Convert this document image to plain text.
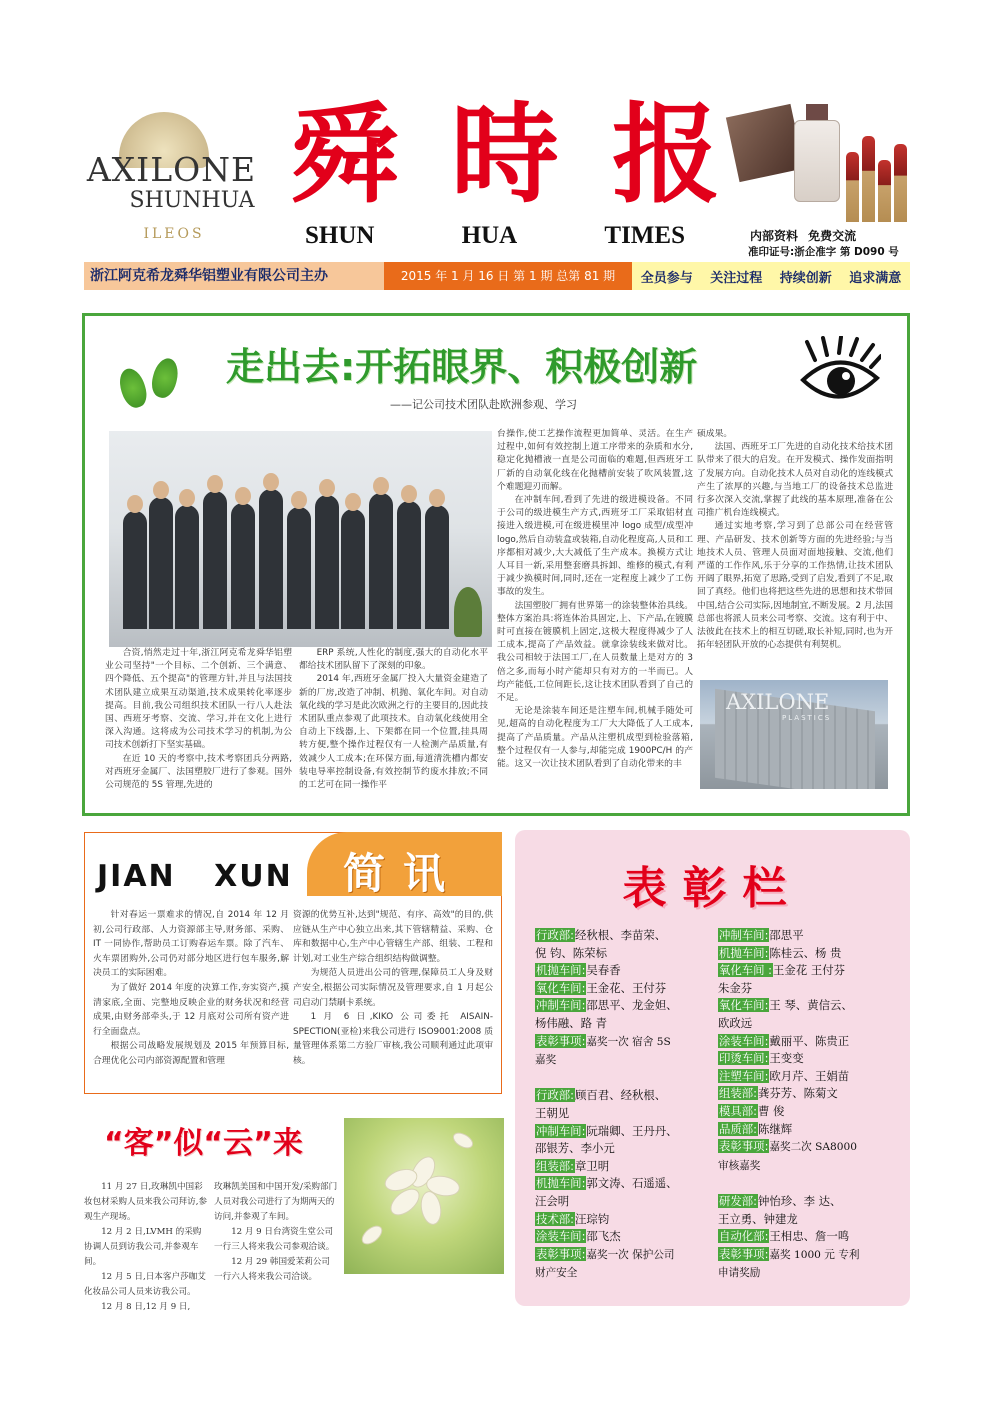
AXILONE
SHUNHUA
ILEOS
舜 時 报
SHUN	HUA	TIMES	内部资料 免费交流
准印证号:浙企准字 第 D090 号
浙江阿克希龙舜华铝塑业有限公司主办	2015 年 1 月 16 日 第 1 期 总第 81 期	全员参与 关注过程 持续创新 追求满意
走出去:开拓眼界、积极创新
——记公司技术团队赴欧洲参观、学习

合资,悄然走过十年,浙江阿克希龙舜华铝塑业公司坚持"一个目标、二个创新、三个满意、四个降低、五个提高"的管理方针,并且与法国技术团队建立成果互动渠道,技术成果转化率逐步提高。目前,我公司组织技术团队一行八人赴法国、西班牙考察、交流、学习,并在文化上进行深入沟通。这将成为公司技术学习的机制,为公司技术创新打下坚实基础。

在近 10 天的考察中,技术考察团兵分两路,对西班牙金属厂、法国塑胶厂进行了参观。国外公司规范的 5S 管理,先进的

ERP 系统,人性化的制度,强大的自动化水平都给技术团队留下了深刻的印象。

2014 年,西班牙金属厂投入大量资金建造了新的厂房,改造了冲制、机抛、氧化车间。对自动氧化线的学习是此次欧洲之行的主要目的,因此技术团队重点参观了此项技术。自动氧化线使用全自动上下线器,上、下架都在同一个位置,挂具周转方便,整个操作过程仅有一人检测产品质量,有效减少人工成本;在环保方面,每道清洗槽内都安装电导率控制设备,有效控制节约废水排放;不同的工艺可在同一操作平

台操作,使工艺操作流程更加简单、灵活。在生产过程中,如何有效控制上道工序带来的杂质和水分,稳定化抛槽液一直是公司面临的难题,但西班牙工厂新的自动氧化线在化抛槽前安装了吹风装置,这个难题迎刃而解。

在冲制车间,看到了先进的级进模设备。不同于公司的级进模生产方式,西班牙工厂采取铝材直接进入级进模,可在级进模里冲 logo 成型/成型冲 logo,然后自动装盒或装箱,自动化程度高,人员和工序都相对减少,大大减低了生产成本。换模方式让人耳目一新,采用整套磨具拆卸、维修的模式,有利于减少换模时间,同时,还在一定程度上减少了工伤事故的发生。

法国塑胶厂拥有世界第一的涂装整体治具线。整体方案治具:将连体治具固定,上、下产品,在镀膜时可直接在镀膜机上固定,这极大程度得减少了人工成本,提高了产品效益。就拿涂装线来做对比。我公司相较于法国工厂,在人员数量上是对方的 3 倍之多,而每小时产能却只有对方的一半而已。人均产能低,工位间距长,这让技术团队看到了自己的不足。

无论是涂装车间还是注塑车间,机械手随处可见,超高的自动化程度为工厂大大降低了人工成本,提高了产品质量。产品从注塑机成型到检验落箱,整个过程仅有一人参与,却能完成 1900PC/H 的产能。这又一次让技术团队看到了自动化带来的丰

硕成果。

法国、西班牙工厂先进的自动化技术给技术团队带来了很大的启发。在开发模式、操作发面指明了发展方向。自动化技术人员对自动化的连线模式产生了浓厚的兴趣,与当地工厂的设备技术总监进行多次深入交流,掌握了此线的基本原理,准备在公司推广机台连线模式。

通过实地考察,学习到了总部公司在经营管理、产品研发、技术创新等方面的先进经验;与当地技术人员、管理人员面对面地接触、交流,他们严谨的工作作风,乐于分享的工作热情,让技术团队开阔了眼界,拓宽了思路,受到了启发,看到了不足,取回了真经。他们也将把这些先进的思想和技术带回中国,结合公司实际,因地制宜,不断发展。2 月,法国总部也将派人员来公司考察、交流。这有利于中、法彼此在技术上的相互切磋,取长补短,同时,也为开拓年轻团队开放的心态提供有利契机。

AXILONE
PLASTICS
JIAN XUN 简讯

针对春运一票难求的情况,自 2014 年 12 月初,公司行政部、人力资源部主导,财务部、采购、IT 一同协作,帮助员工订购春运车票。除了汽车、火车票团购外,公司仍对部分地区进行包车服务,解决员工的实际困难。

为了做好 2014 年度的决算工作,夯实资产,摸清家底,全面、完整地反映企业的财务状况和经营成果,由财务部牵头,于 12 月底对公司所有资产进行全面盘点。

根据公司战略发展规划及 2015 年预算目标,合理优化公司内部资源配置和管理

资源的优势互补,达到"规范、有序、高效"的目的,供应链从生产中心独立出来,其下管辖精益、采购、仓库和数据中心,生产中心管辖生产部、组装、工程和计划,对工业生产综合组织结构做调整。

为规范人员进出公司的管理,保障员工人身及财产安全,根据公司实际情况及管理要求,自 1 月起公司启动门禁刷卡系统。

1 月 6 日,KIKO 公司委托 AISAIN-SPECTION(亚检)来我公司进行 ISO9001:2008 质量管理体系第二方验厂审核,我公司顺利通过此项审核。

“客”似“云”来

11 月 27 日,玫琳凯中国彩妆包材采购人员来我公司拜访,参观生产现场。

12 月 2 日,LVMH 的采购协调人员到访我公司,并参观车间。

12 月 5 日,日本客户莎咖艾化妆品公司人员来访我公司。

12 月 8 日,12 月 9 日,

玫琳凯美国和中国开发/采购部门人员对我公司进行了为期两天的访问,并参观了车间。

12 月 9 日台湾资生堂公司一行三人将来我公司参观洽谈。

12 月 29 韩国爱茉莉公司一行六人将来我公司洽谈。

表彰栏
行政部:经秋根、李苗荣、
倪 钧、陈荣标
机抛车间:吴春香
氧化车间:王金花、王付芬
冲制车间:邵思平、龙金妲、
杨伟融、路 青
表彰事项:嘉奖一次 宿舍 5S
嘉奖
行政部:顾百君、经秋根、
王朝见
冲制车间:阮瑞卿、王丹丹、
邵银芳、李小元
组装部:章卫明
机抛车间:郭文涛、石遥遥、
汪会明
技术部:汪琮钧
涂装车间:邵飞杰
表彰事项:嘉奖一次 保护公司
财产安全
冲制车间:邵思平
机抛车间:陈桂云、杨 贵
氧化车间 :王金花 王付芬
朱金芬
氧化车间:王 琴、黄信云、
欧政远
涂装车间:戴丽平、陈贵正
印烫车间:王变变
注塑车间:欧月芹、王娟苗
组装部:龚芬芳、陈菊文
模具部:曹 俊
品质部:陈继辉
表彰事项:嘉奖二次 SA8000
审核嘉奖
研发部:钟怡珍、李 达、
王立勇、钟建龙
自动化部:王相忠、詹一鸣
表彰事项:嘉奖 1000 元 专利
申请奖励
